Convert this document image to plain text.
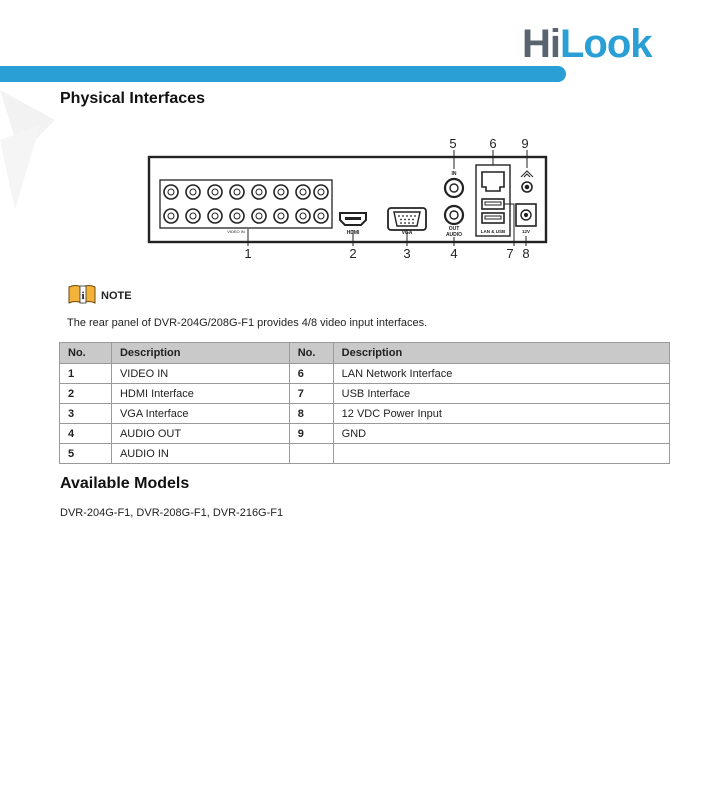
HiLook
Physical Interfaces
VIDEO IN	HDMI	VGA
IN
OUT
AUDIO
LAN & USB	12V
1	2	3	4
5	6
7 8
9
i NOTE
The rear panel of DVR-204G/208G-F1 provides 4/8 video input interfaces.
No.	Description	No.	Description
1	VIDEO IN	6	LAN Network Interface
2	HDMI Interface	7	USB Interface
3	VGA Interface	8	12 VDC Power Input
4	AUDIO OUT	9	GND
5	AUDIO IN		
Available Models
DVR-204G-F1, DVR-208G-F1, DVR-216G-F1
